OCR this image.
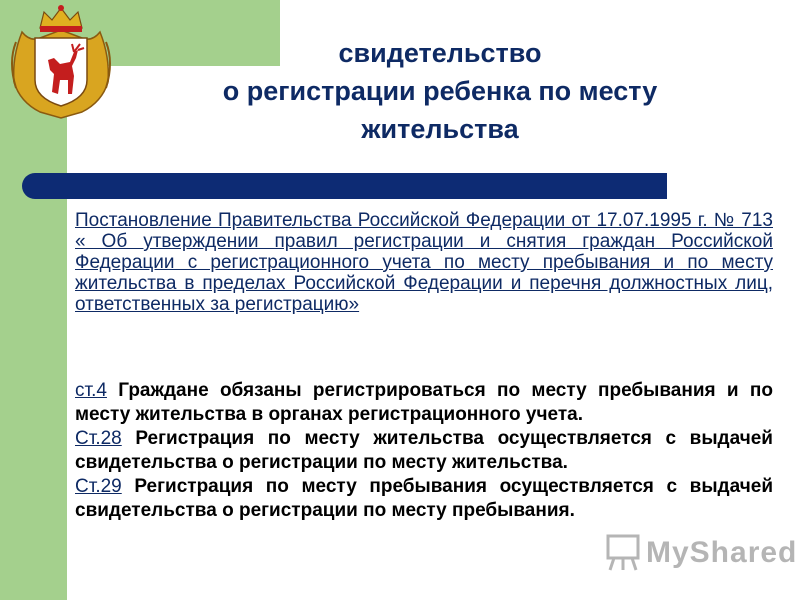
свидетельство
о регистрации ребенка по месту
жительства
Постановление Правительства Российской Федерации от 17.07.1995 г. № 713 « Об утверждении правил регистрации и снятия граждан Российской Федерации с регистрационного учета по месту пребывания и по месту жительства в пределах Российской Федерации и перечня должностных лиц, ответственных за регистрацию»

ст.4 Граждане обязаны регистрироваться по месту пребывания и по месту жительства в органах регистрационного учета.

Ст.28 Регистрация по месту жительства осуществляется с выдачей свидетельства о регистрации по месту жительства.

Ст.29 Регистрация по месту пребывания осуществляется с выдачей свидетельства о регистрации по месту пребывания.

MyShared
